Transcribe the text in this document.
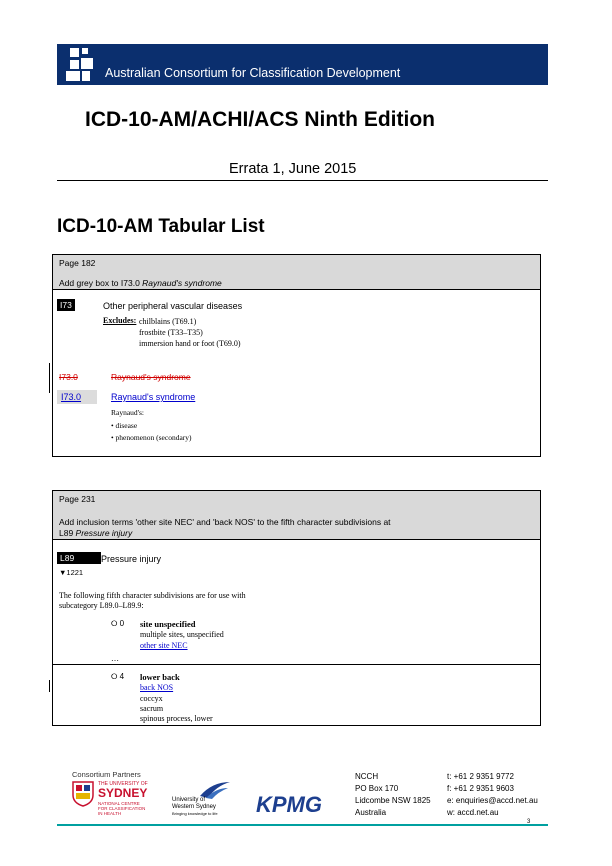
Australian Consortium for Classification Development
ICD-10-AM/ACHI/ACS Ninth Edition
Errata 1, June 2015
ICD-10-AM Tabular List
Page 182
Add grey box to I73.0 Raynaud's syndrome
I73	Other peripheral vascular diseases
Excludes: chilblains (T69.1)
frostbite (T33–T35)
immersion hand or foot (T69.0)
I73.0	Raynaud's syndrome
I73.0	Raynaud's syndrome
Raynaud's:
• disease
• phenomenon (secondary)
Page 231
Add inclusion terms 'other site NEC' and 'back NOS' to the fifth character subdivisions at
L89 Pressure injury
L89	Pressure injury
▼1221
The following fifth character subdivisions are for use with
subcategory L89.0–L89.9:
⭘ 0 site unspecified
multiple sites, unspecified
other site NEC
…
⭘ 4 lower back
back NOS
coccyx
sacrum
spinous process, lower
Consortium Partners
THE UNIVERSITY OF
SYDNEY
NATIONAL CENTRE
FOR CLASSIFICATION
IN HEALTH
University of
Western Sydney
Bringing knowledge to life KPMG
NCCH
PO Box 170
Lidcombe NSW 1825
Australia
t: +61 2 9351 9772
f: +61 2 9351 9603
e: enquiries@accd.net.au
w: accd.net.au
3
